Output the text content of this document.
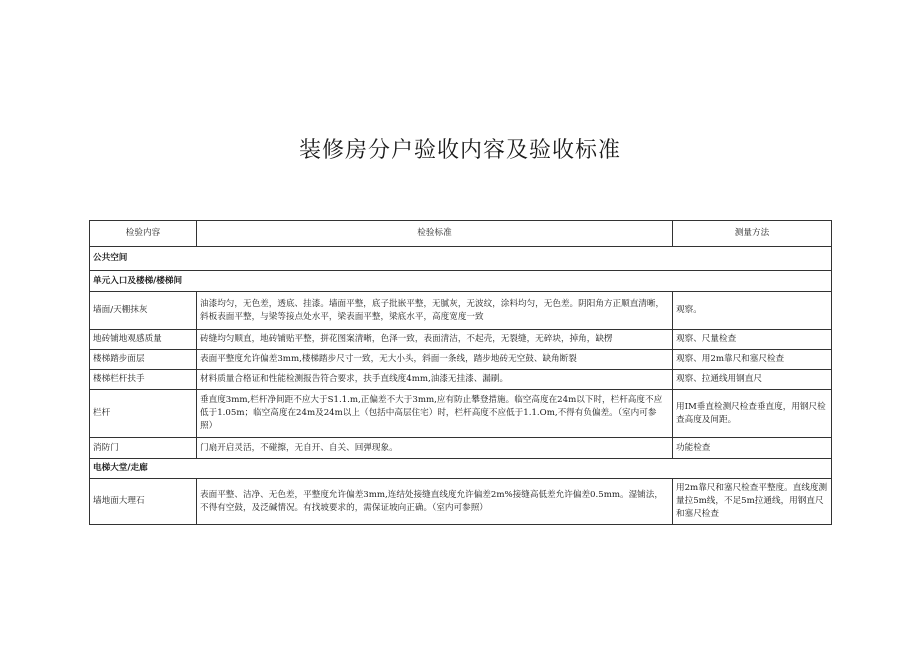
装修房分户验收内容及验收标准
检验内容	检验标准	测量方法
公共空间		
单元入口及楼梯/楼梯间		
墙面/天棚抹灰	油漆均匀，无色差，透底、挂漆。墙面平整，底子批嵌平整，无腻灰，无波纹，涂料均匀，无色差。阴阳角方正顺直清晰，斜板表面平整，与梁等接点处水平，梁表面平整，梁底水平，高度宽度一致	观察。
地砖铺地观感质量	砖缝均匀顺直，地砖铺贴平整，拼花图案清晰，色泽一致，表面清洁，不起壳，无裂缝，无碎块，掉角，缺楞	观察、尺量检查
楼梯踏步面层	表面平整度允许偏差3mm,楼梯踏步尺寸一致，无大小头，斜面一条线，踏步地砖无空鼓、缺角断裂	观察、用2m靠尺和塞尺检查
楼梯栏杆扶手	材料质量合格证和性能检测报告符合要求，扶手直线度4mm,油漆无挂漆、漏刷。	观察、拉通线用钢直尺
栏杆	垂直度3mm,栏杆净间距不应大于S1.1.m,正偏差不大于3mm,应有防止攀登措施。临空高度在24m以下时，栏杆高度不应低于1.05m；临空高度在24m及24m以上（包括中高层住宅）时，栏杆高度不应低于1.1.Om,不得有负偏差。（室内可参照）	用IM垂直检测尺检查垂直度，用钢尺检查高度及间距。
消防门	门扇开启灵活，不碰擦，无自开、自关、回弹现象。	功能检查
电梯大堂/走廊		
墙地面大理石	表面平整、洁净、无色差，平整度允许偏差3mm,连结处接缝直线度允许偏差2m%接缝高低差允许偏差0.5mm。湿铺法，不得有空鼓，及泛碱情况。有找坡要求的，需保证坡向正确。（室内可参照）	用2m靠尺和塞尺检查平整度。直线度测量拉5m线，不足5m拉通线，用钢直尺和塞尺检查
